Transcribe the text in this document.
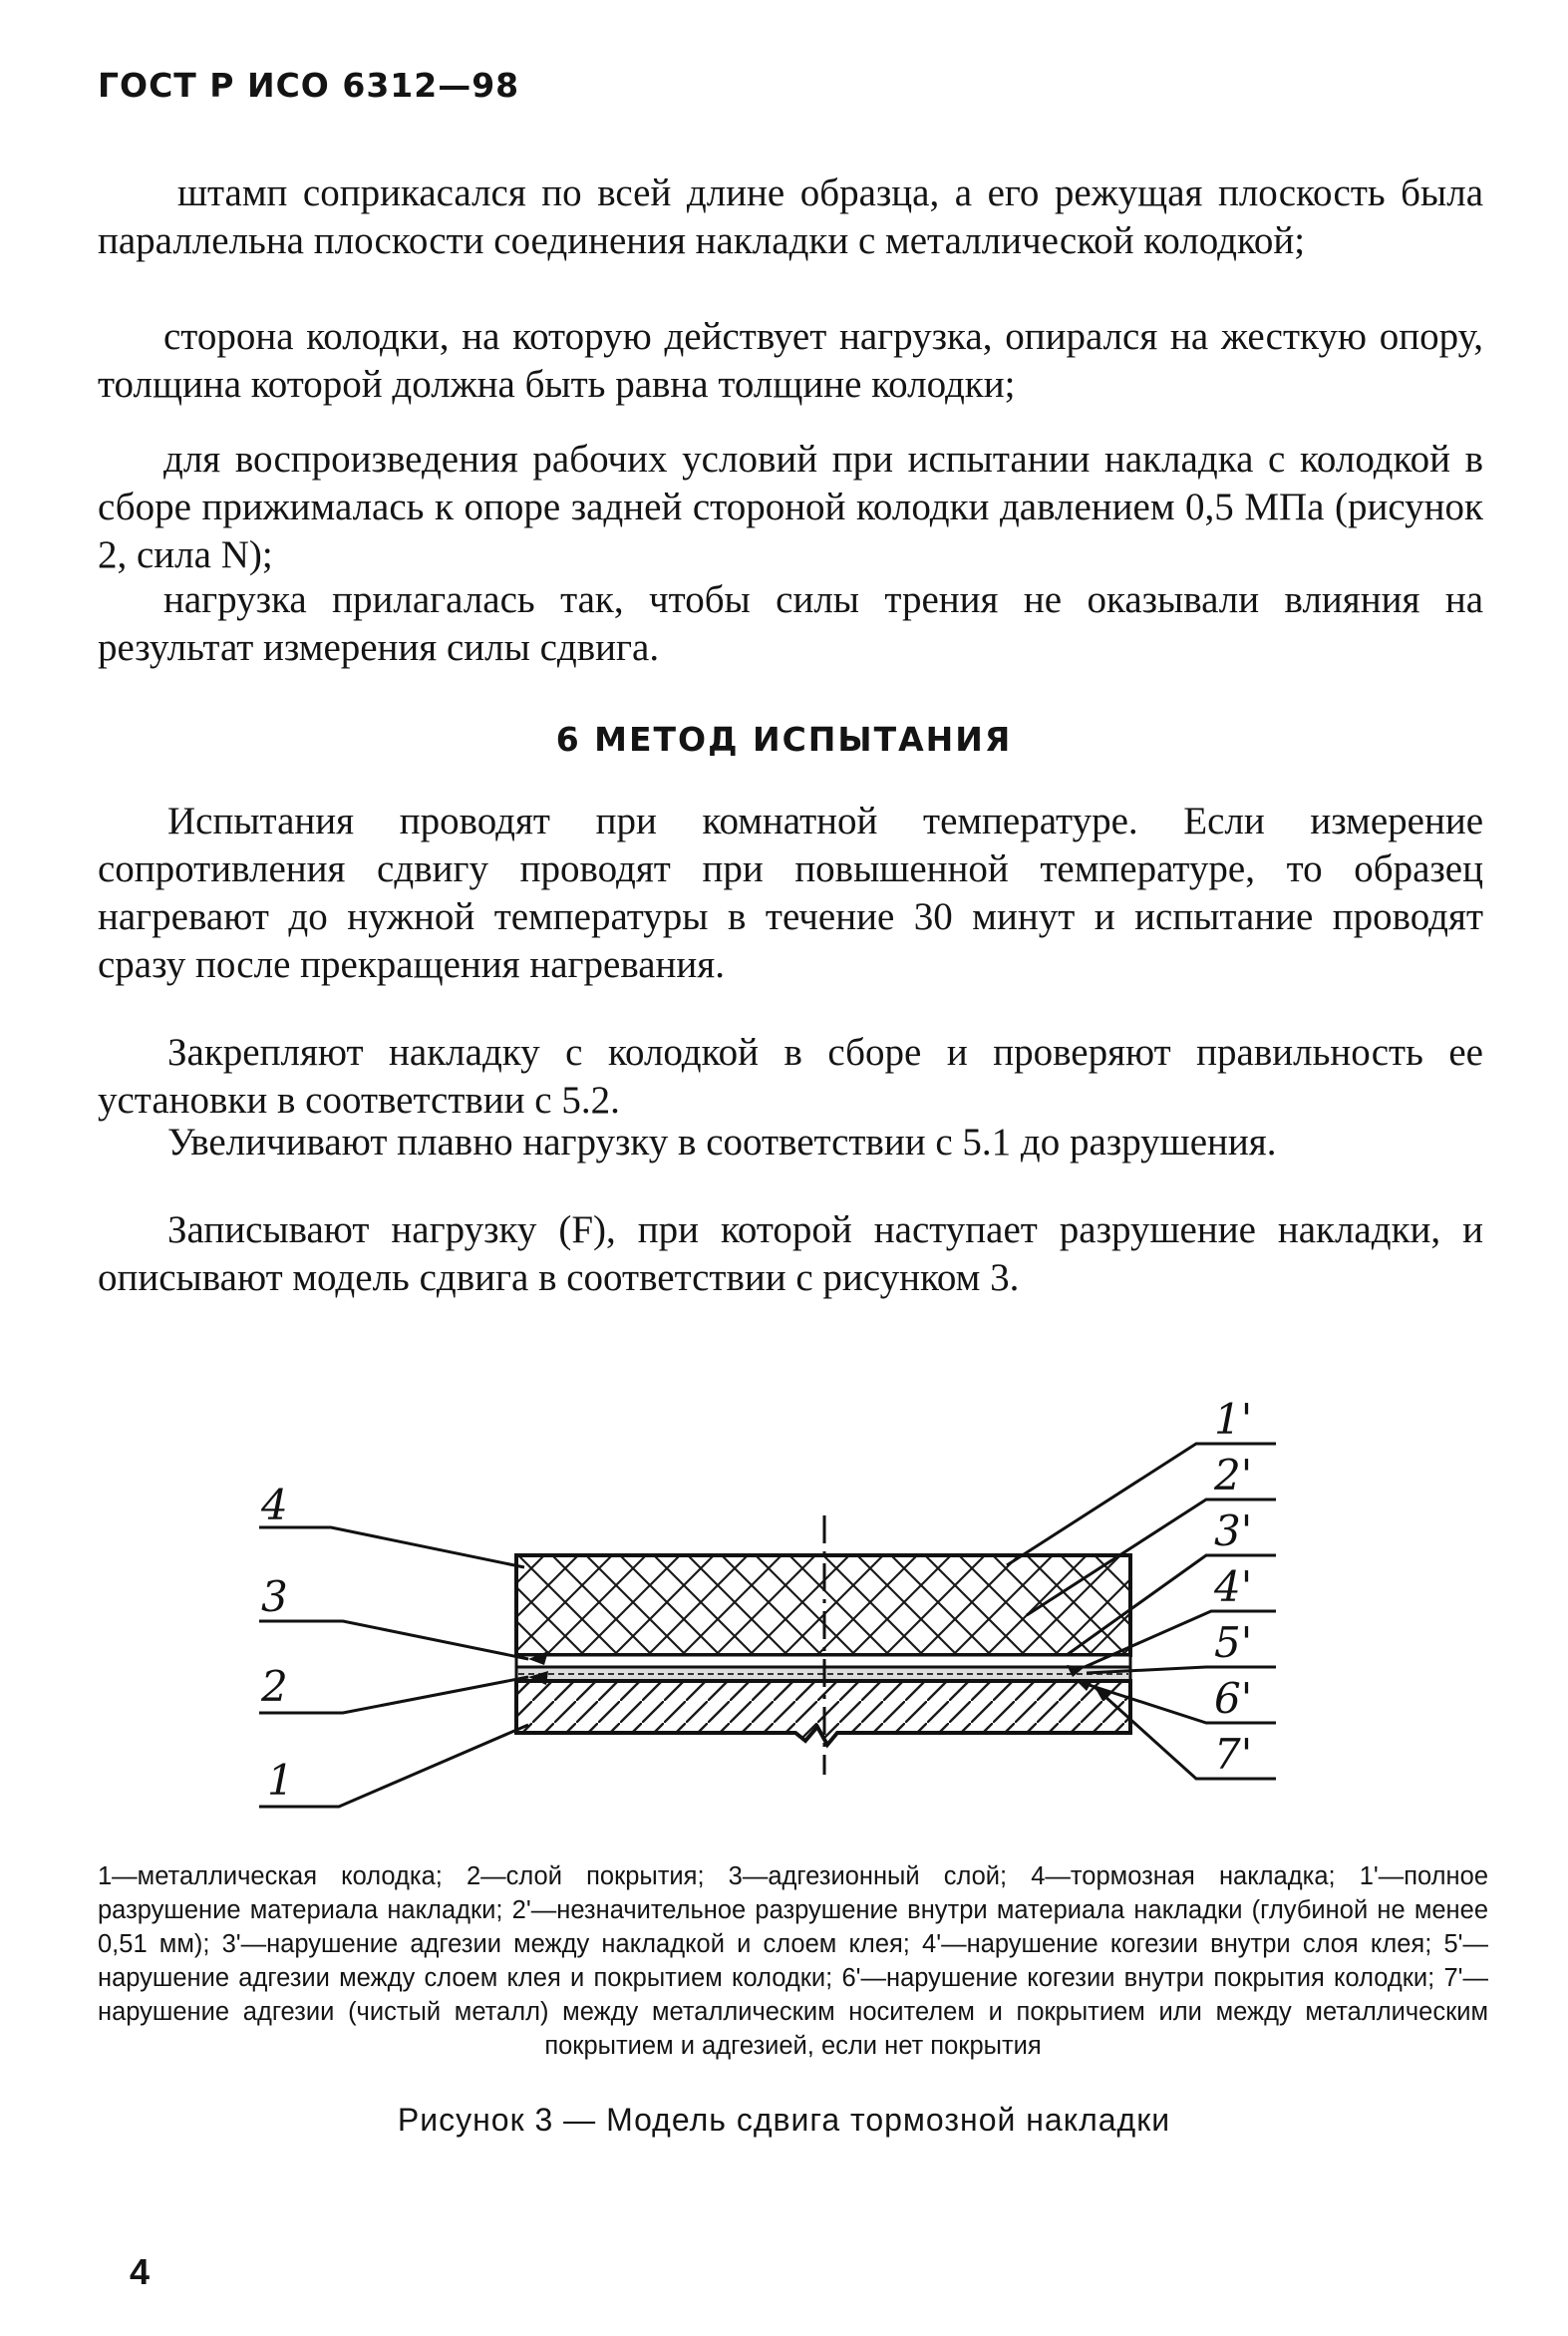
ГОСТ Р ИСО 6312—98
штамп соприкасался по всей длине образца, а его режущая плоскость была параллельна плоскости соединения накладки с металлической колодкой;
сторона колодки, на которую действует нагрузка, опирался на жесткую опору, толщина которой должна быть равна толщине колодки;
для воспроизведения рабочих условий при испытании накладка с колодкой в сборе прижималась к опоре задней стороной колодки давлением 0,5 МПа (рисунок 2, сила N);
нагрузка прилагалась так, чтобы силы трения не оказывали влияния на результат измерения силы сдвига.
6 МЕТОД ИСПЫТАНИЯ
Испытания проводят при комнатной температуре. Если измерение сопротивления сдвигу проводят при повышенной температуре, то образец нагревают до нужной температуры в течение 30 минут и испытание проводят сразу после прекращения нагревания.
Закрепляют накладку с колодкой в сборе и проверяют правильность ее установки в соответствии с 5.2.
Увеличивают плавно нагрузку в соответствии с 5.1 до разрушения.
Записывают нагрузку (F), при которой наступает разрушение накладки, и описывают модель сдвига в соответствии с рисунком 3.
4
3
2
1
1'
2'
3'
4'
5'
6'
7'
1—металлическая колодка; 2—слой покрытия; 3—адгезионный слой; 4—тормозная накладка; 1'—полное разрушение материала накладки; 2'—незначительное разрушение внутри материала накладки (глубиной не менее 0,51 мм); 3'—нарушение адгезии между накладкой и слоем клея; 4'—нарушение когезии внутри слоя клея; 5'—нарушение адгезии между слоем клея и покрытием колодки; 6'—нарушение когезии внутри покрытия колодки; 7'—нарушение адгезии (чистый металл) между металлическим носителем и покрытием или между металлическим покрытием и адгезией, если нет покрытия
Рисунок 3 — Модель сдвига тормозной накладки
4
